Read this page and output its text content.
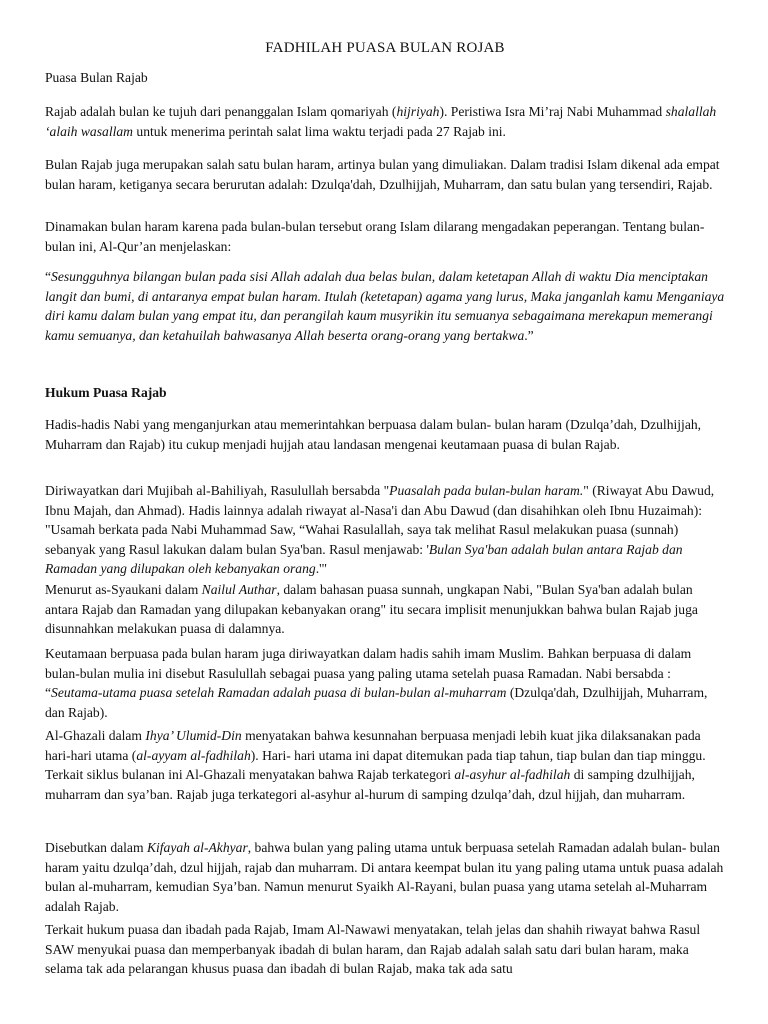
FADHILAH PUASA BULAN ROJAB

Puasa Bulan Rajab

Rajab adalah bulan ke tujuh dari penanggalan Islam qomariyah (hijriyah). Peristiwa Isra Mi’raj Nabi Muhammad shalallah ‘alaih wasallam untuk menerima perintah salat lima waktu terjadi pada 27 Rajab ini.

Bulan Rajab juga merupakan salah satu bulan haram, artinya bulan yang dimuliakan. Dalam tradisi Islam dikenal ada empat bulan haram, ketiganya secara berurutan adalah: Dzulqa'dah, Dzulhijjah, Muharram, dan satu bulan yang tersendiri, Rajab.

Dinamakan bulan haram karena pada bulan-bulan tersebut orang Islam dilarang mengadakan peperangan. Tentang bulan-bulan ini, Al-Qur’an menjelaskan:

“Sesungguhnya bilangan bulan pada sisi Allah adalah dua belas bulan, dalam ketetapan Allah di waktu Dia menciptakan langit dan bumi, di antaranya empat bulan haram. Itulah (ketetapan) agama yang lurus, Maka janganlah kamu Menganiaya diri kamu dalam bulan yang empat itu, dan perangilah kaum musyrikin itu semuanya sebagaimana merekapun memerangi kamu semuanya, dan ketahuilah bahwasanya Allah beserta orang-orang yang bertakwa.”

Hukum Puasa Rajab

Hadis-hadis Nabi yang menganjurkan atau memerintahkan berpuasa dalam bulan- bulan haram (Dzulqa’dah, Dzulhijjah, Muharram dan Rajab) itu cukup menjadi hujjah atau landasan mengenai keutamaan puasa di bulan Rajab.

Diriwayatkan dari Mujibah al-Bahiliyah, Rasulullah bersabda "Puasalah pada bulan-bulan haram." (Riwayat Abu Dawud, Ibnu Majah, dan Ahmad). Hadis lainnya adalah riwayat al-Nasa'i dan Abu Dawud (dan disahihkan oleh Ibnu Huzaimah): "Usamah berkata pada Nabi Muhammad Saw, “Wahai Rasulallah, saya tak melihat Rasul melakukan puasa (sunnah) sebanyak yang Rasul lakukan dalam bulan Sya'ban. Rasul menjawab: 'Bulan Sya'ban adalah bulan antara Rajab dan Ramadan yang dilupakan oleh kebanyakan orang.'"

Menurut as-Syaukani dalam Nailul Authar, dalam bahasan puasa sunnah, ungkapan Nabi, "Bulan Sya'ban adalah bulan antara Rajab dan Ramadan yang dilupakan kebanyakan orang" itu secara implisit menunjukkan bahwa bulan Rajab juga disunnahkan melakukan puasa di dalamnya.

Keutamaan berpuasa pada bulan haram juga diriwayatkan dalam hadis sahih imam Muslim. Bahkan berpuasa di dalam bulan-bulan mulia ini disebut Rasulullah sebagai puasa yang paling utama setelah puasa Ramadan. Nabi bersabda : “Seutama-utama puasa setelah Ramadan adalah puasa di bulan-bulan al-muharram (Dzulqa'dah, Dzulhijjah, Muharram, dan Rajab).

Al-Ghazali dalam Ihya’ Ulumid-Din menyatakan bahwa kesunnahan berpuasa menjadi lebih kuat jika dilaksanakan pada hari-hari utama (al-ayyam al-fadhilah). Hari- hari utama ini dapat ditemukan pada tiap tahun, tiap bulan dan tiap minggu. Terkait siklus bulanan ini Al-Ghazali menyatakan bahwa Rajab terkategori al-asyhur al-fadhilah di samping dzulhijjah, muharram dan sya’ban. Rajab juga terkategori al-asyhur al-hurum di samping dzulqa’dah, dzul hijjah, dan muharram.

Disebutkan dalam Kifayah al-Akhyar, bahwa bulan yang paling utama untuk berpuasa setelah Ramadan adalah bulan- bulan haram yaitu dzulqa’dah, dzul hijjah, rajab dan muharram. Di antara keempat bulan itu yang paling utama untuk puasa adalah bulan al-muharram, kemudian Sya’ban. Namun menurut Syaikh Al-Rayani, bulan puasa yang utama setelah al-Muharram adalah Rajab.

Terkait hukum puasa dan ibadah pada Rajab, Imam Al-Nawawi menyatakan, telah jelas dan shahih riwayat bahwa Rasul SAW menyukai puasa dan memperbanyak ibadah di bulan haram, dan Rajab adalah salah satu dari bulan haram, maka selama tak ada pelarangan khusus puasa dan ibadah di bulan Rajab, maka tak ada satu
